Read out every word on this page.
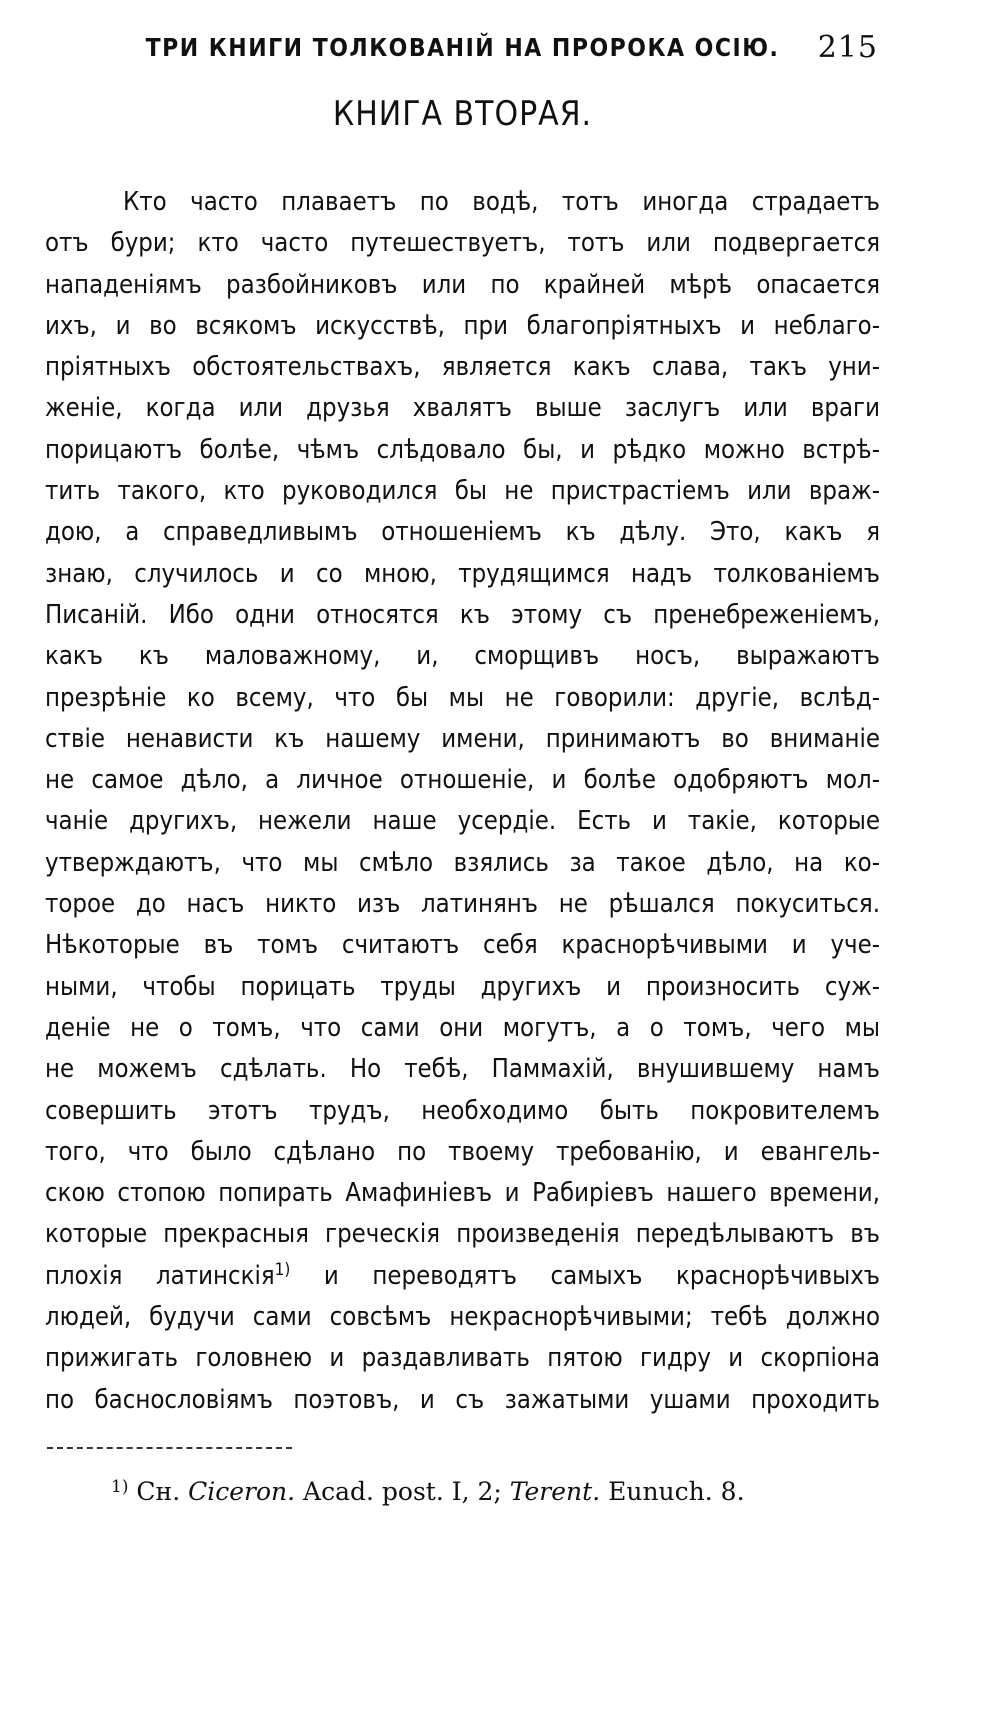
ТРИ КНИГИ ТОЛКОВАНІЙ НА ПРОРОКА ОСІЮ.	215
КНИГА ВТОРАЯ.
Кто часто плаваетъ по водѣ, тотъ иногда страдаетъ
отъ бури; кто часто путешествуетъ, тотъ или подвергается
нападеніямъ разбойниковъ или по крайней мѣрѣ опасается
ихъ, и во всякомъ искусствѣ, при благопріятныхъ и неблаго-
пріятныхъ обстоятельствахъ, является какъ слава, такъ уни-
женіе, когда или друзья хвалятъ выше заслугъ или враги
порицаютъ болѣе, чѣмъ слѣдовало бы, и рѣдко можно встрѣ-
тить такого, кто руководился бы не пристрастіемъ или враж-
дою, а справедливымъ отношеніемъ къ дѣлу. Это, какъ я
знаю, случилось и со мною, трудящимся надъ толкованіемъ
Писаній. Ибо одни относятся къ этому съ пренебреженіемъ,
какъ къ маловажному, и, сморщивъ носъ, выражаютъ
презрѣніе ко всему, что бы мы не говорили: другіе, вслѣд-
ствіе ненависти къ нашему имени, принимаютъ во вниманіе
не самое дѣло, а личное отношеніе, и болѣе одобряютъ мол-
чаніе другихъ, нежели наше усердіе. Есть и такіе, которые
утверждаютъ, что мы смѣло взялись за такое дѣло, на ко-
торое до насъ никто изъ латинянъ не рѣшался покуситься.
Нѣкоторые въ томъ считаютъ себя краснорѣчивыми и уче-
ными, чтобы порицать труды другихъ и произносить суж-
деніе не о томъ, что сами они могутъ, а о томъ, чего мы
не можемъ сдѣлать. Но тебѣ, Паммахій, внушившему намъ
совершить этотъ трудъ, необходимо быть покровителемъ
того, что было сдѣлано по твоему требованію, и евангель-
скою стопою попирать Амафиніевъ и Рабиріевъ нашего времени,
которые прекрасныя греческія произведенія передѣлываютъ въ
плохія латинскія$^{1)}$ и переводятъ самыхъ краснорѣчивыхъ
людей, будучи сами совсѣмъ некраснорѣчивыми; тебѣ должно
прижигать головнею и раздавливать пятою гидру и скорпіона
по баснословіямъ поэтовъ, и съ зажатыми ушами проходить
$^{1)}$ Сн. Ciceron. Acad. post. I, 2; Terent. Eunuch. 8.
